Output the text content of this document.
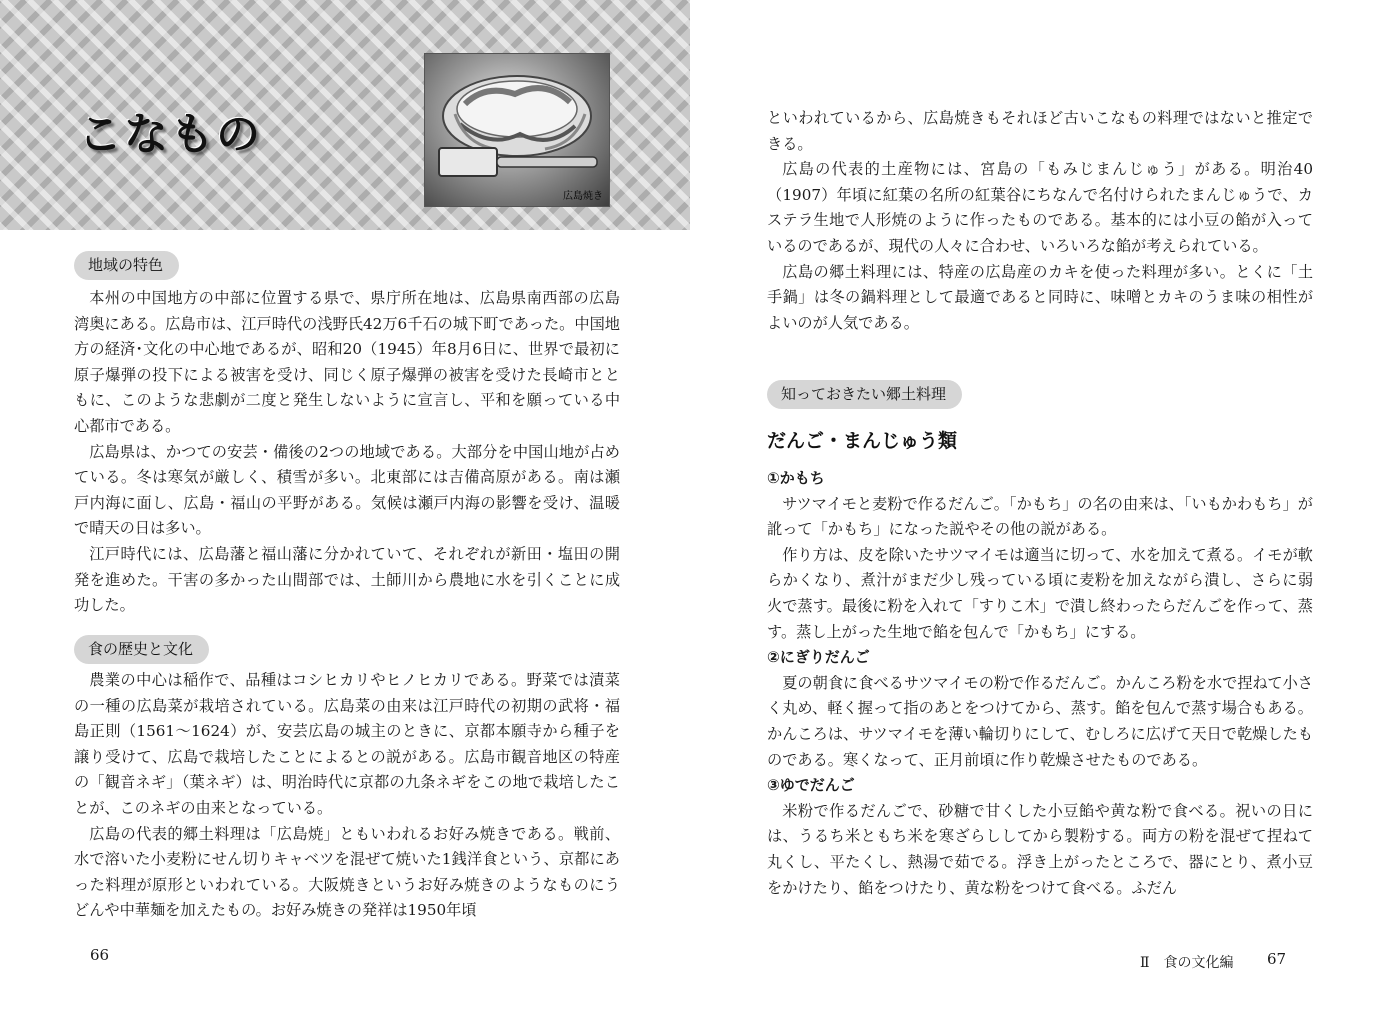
こなもの
広島焼き
地域の特色

本州の中国地方の中部に位置する県で、県庁所在地は、広島県南西部の広島湾奥にある。広島市は、江戸時代の浅野氏42万6千石の城下町であった。中国地方の経済･文化の中心地であるが、昭和20（1945）年8月6日に、世界で最初に原子爆弾の投下による被害を受け、同じく原子爆弾の被害を受けた長崎市とともに、このような悲劇が二度と発生しないように宣言し、平和を願っている中心都市である。

広島県は、かつての安芸・備後の2つの地域である。大部分を中国山地が占めている。冬は寒気が厳しく、積雪が多い。北東部には吉備高原がある。南は瀬戸内海に面し、広島・福山の平野がある。気候は瀬戸内海の影響を受け、温暖で晴天の日は多い。

江戸時代には、広島藩と福山藩に分かれていて、それぞれが新田・塩田の開発を進めた。干害の多かった山間部では、土師川から農地に水を引くことに成功した。

食の歴史と文化

農業の中心は稲作で、品種はコシヒカリやヒノヒカリである。野菜では漬菜の一種の広島菜が栽培されている。広島菜の由来は江戸時代の初期の武将・福島正則（1561～1624）が、安芸広島の城主のときに、京都本願寺から種子を譲り受けて、広島で栽培したことによるとの説がある。広島市観音地区の特産の「観音ネギ」（葉ネギ）は、明治時代に京都の九条ネギをこの地で栽培したことが、このネギの由来となっている。

広島の代表的郷土料理は「広島焼」ともいわれるお好み焼きである。戦前、水で溶いた小麦粉にせん切りキャベツを混ぜて焼いた1銭洋食という、京都にあった料理が原形といわれている。大阪焼きというお好み焼きのようなものにうどんや中華麺を加えたもの。お好み焼きの発祥は1950年頃

66

といわれているから、広島焼きもそれほど古いこなもの料理ではないと推定できる。

広島の代表的土産物には、宮島の「もみじまんじゅう」がある。明治40（1907）年頃に紅葉の名所の紅葉谷にちなんで名付けられたまんじゅうで、カステラ生地で人形焼のように作ったものである。基本的には小豆の餡が入っているのであるが、現代の人々に合わせ、いろいろな餡が考えられている。

広島の郷土料理には、特産の広島産のカキを使った料理が多い。とくに「土手鍋」は冬の鍋料理として最適であると同時に、味噌とカキのうま味の相性がよいのが人気である。

知っておきたい郷土料理
だんご・まんじゅう類
①かもち

サツマイモと麦粉で作るだんご。「かもち」の名の由来は、「いもかわもち」が訛って「かもち」になった説やその他の説がある。

作り方は、皮を除いたサツマイモは適当に切って、水を加えて煮る。イモが軟らかくなり、煮汁がまだ少し残っている頃に麦粉を加えながら潰し、さらに弱火で蒸す。最後に粉を入れて「すりこ木」で潰し終わったらだんごを作って、蒸す。蒸し上がった生地で餡を包んで「かもち」にする。

②にぎりだんご

夏の朝食に食べるサツマイモの粉で作るだんご。かんころ粉を水で捏ねて小さく丸め、軽く握って指のあとをつけてから、蒸す。餡を包んで蒸す場合もある。かんころは、サツマイモを薄い輪切りにして、むしろに広げて天日で乾燥したものである。寒くなって、正月前頃に作り乾燥させたものである。

③ゆでだんご

米粉で作るだんごで、砂糖で甘くした小豆餡や黄な粉で食べる。祝いの日には、うるち米ともち米を寒ざらししてから製粉する。両方の粉を混ぜて捏ねて丸くし、平たくし、熱湯で茹でる。浮き上がったところで、器にとり、煮小豆をかけたり、餡をつけたり、黄な粉をつけて食べる。ふだん

Ⅱ　食の文化編 67
